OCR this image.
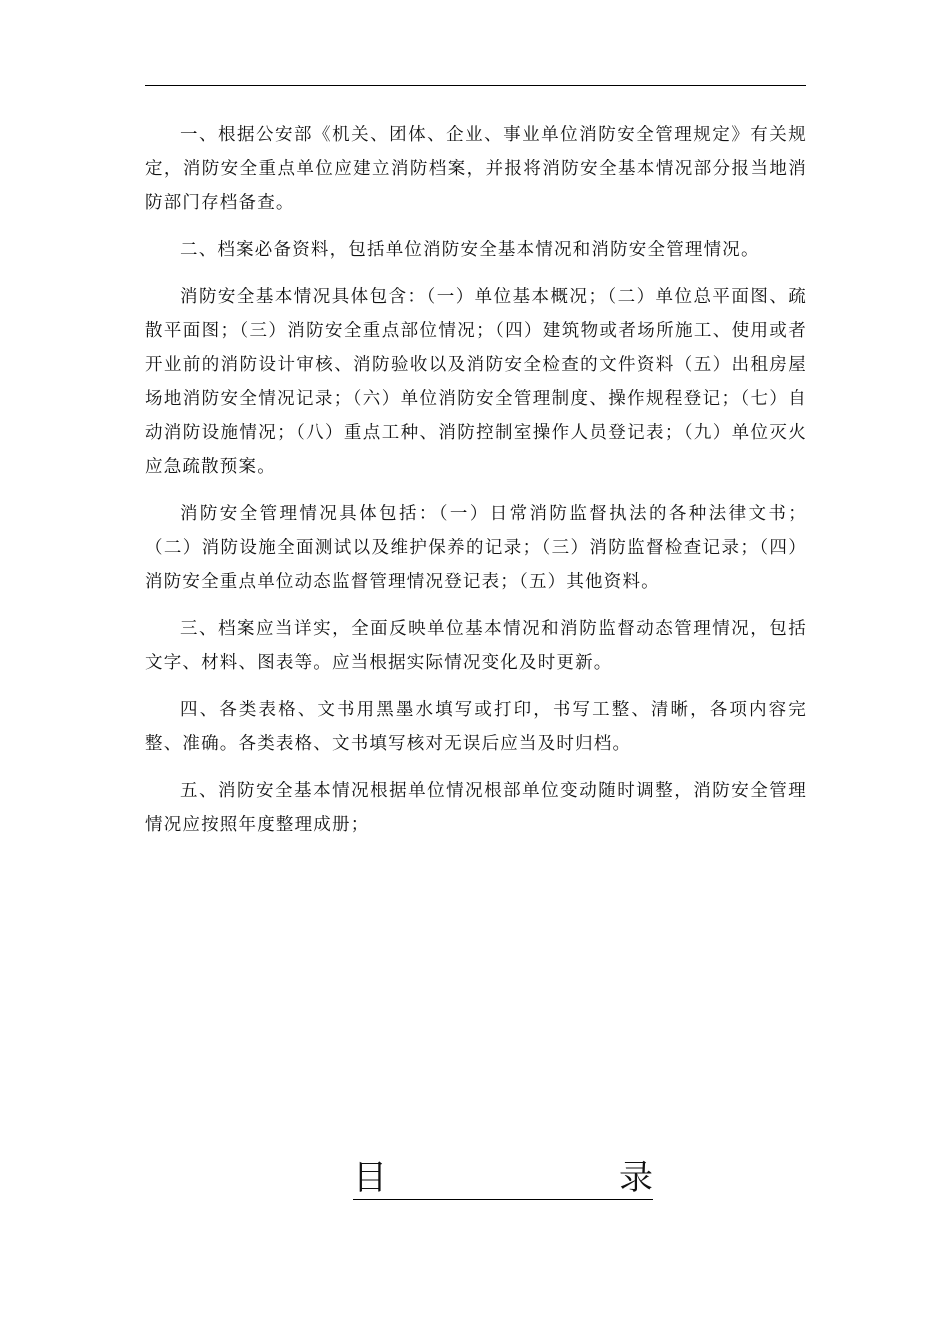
一、根据公安部《机关、团体、企业、事业单位消防安全管理规定》有关规定，消防安全重点单位应建立消防档案，并报将消防安全基本情况部分报当地消防部门存档备查。

二、档案必备资料，包括单位消防安全基本情况和消防安全管理情况。

消防安全基本情况具体包含：（一）单位基本概况；（二）单位总平面图、疏散平面图；（三）消防安全重点部位情况；（四）建筑物或者场所施工、使用或者开业前的消防设计审核、消防验收以及消防安全检查的文件资料（五）出租房屋场地消防安全情况记录；（六）单位消防安全管理制度、操作规程登记；（七）自动消防设施情况；（八）重点工种、消防控制室操作人员登记表；（九）单位灭火应急疏散预案。

消防安全管理情况具体包括：（一）日常消防监督执法的各种法律文书；（二）消防设施全面测试以及维护保养的记录；（三）消防监督检查记录；（四）消防安全重点单位动态监督管理情况登记表；（五）其他资料。

三、档案应当详实，全面反映单位基本情况和消防监督动态管理情况，包括文字、材料、图表等。应当根据实际情况变化及时更新。

四、各类表格、文书用黑墨水填写或打印，书写工整、清晰，各项内容完整、准确。各类表格、文书填写核对无误后应当及时归档。

五、消防安全基本情况根据单位情况根部单位变动随时调整，消防安全管理情况应按照年度整理成册；

目	录
